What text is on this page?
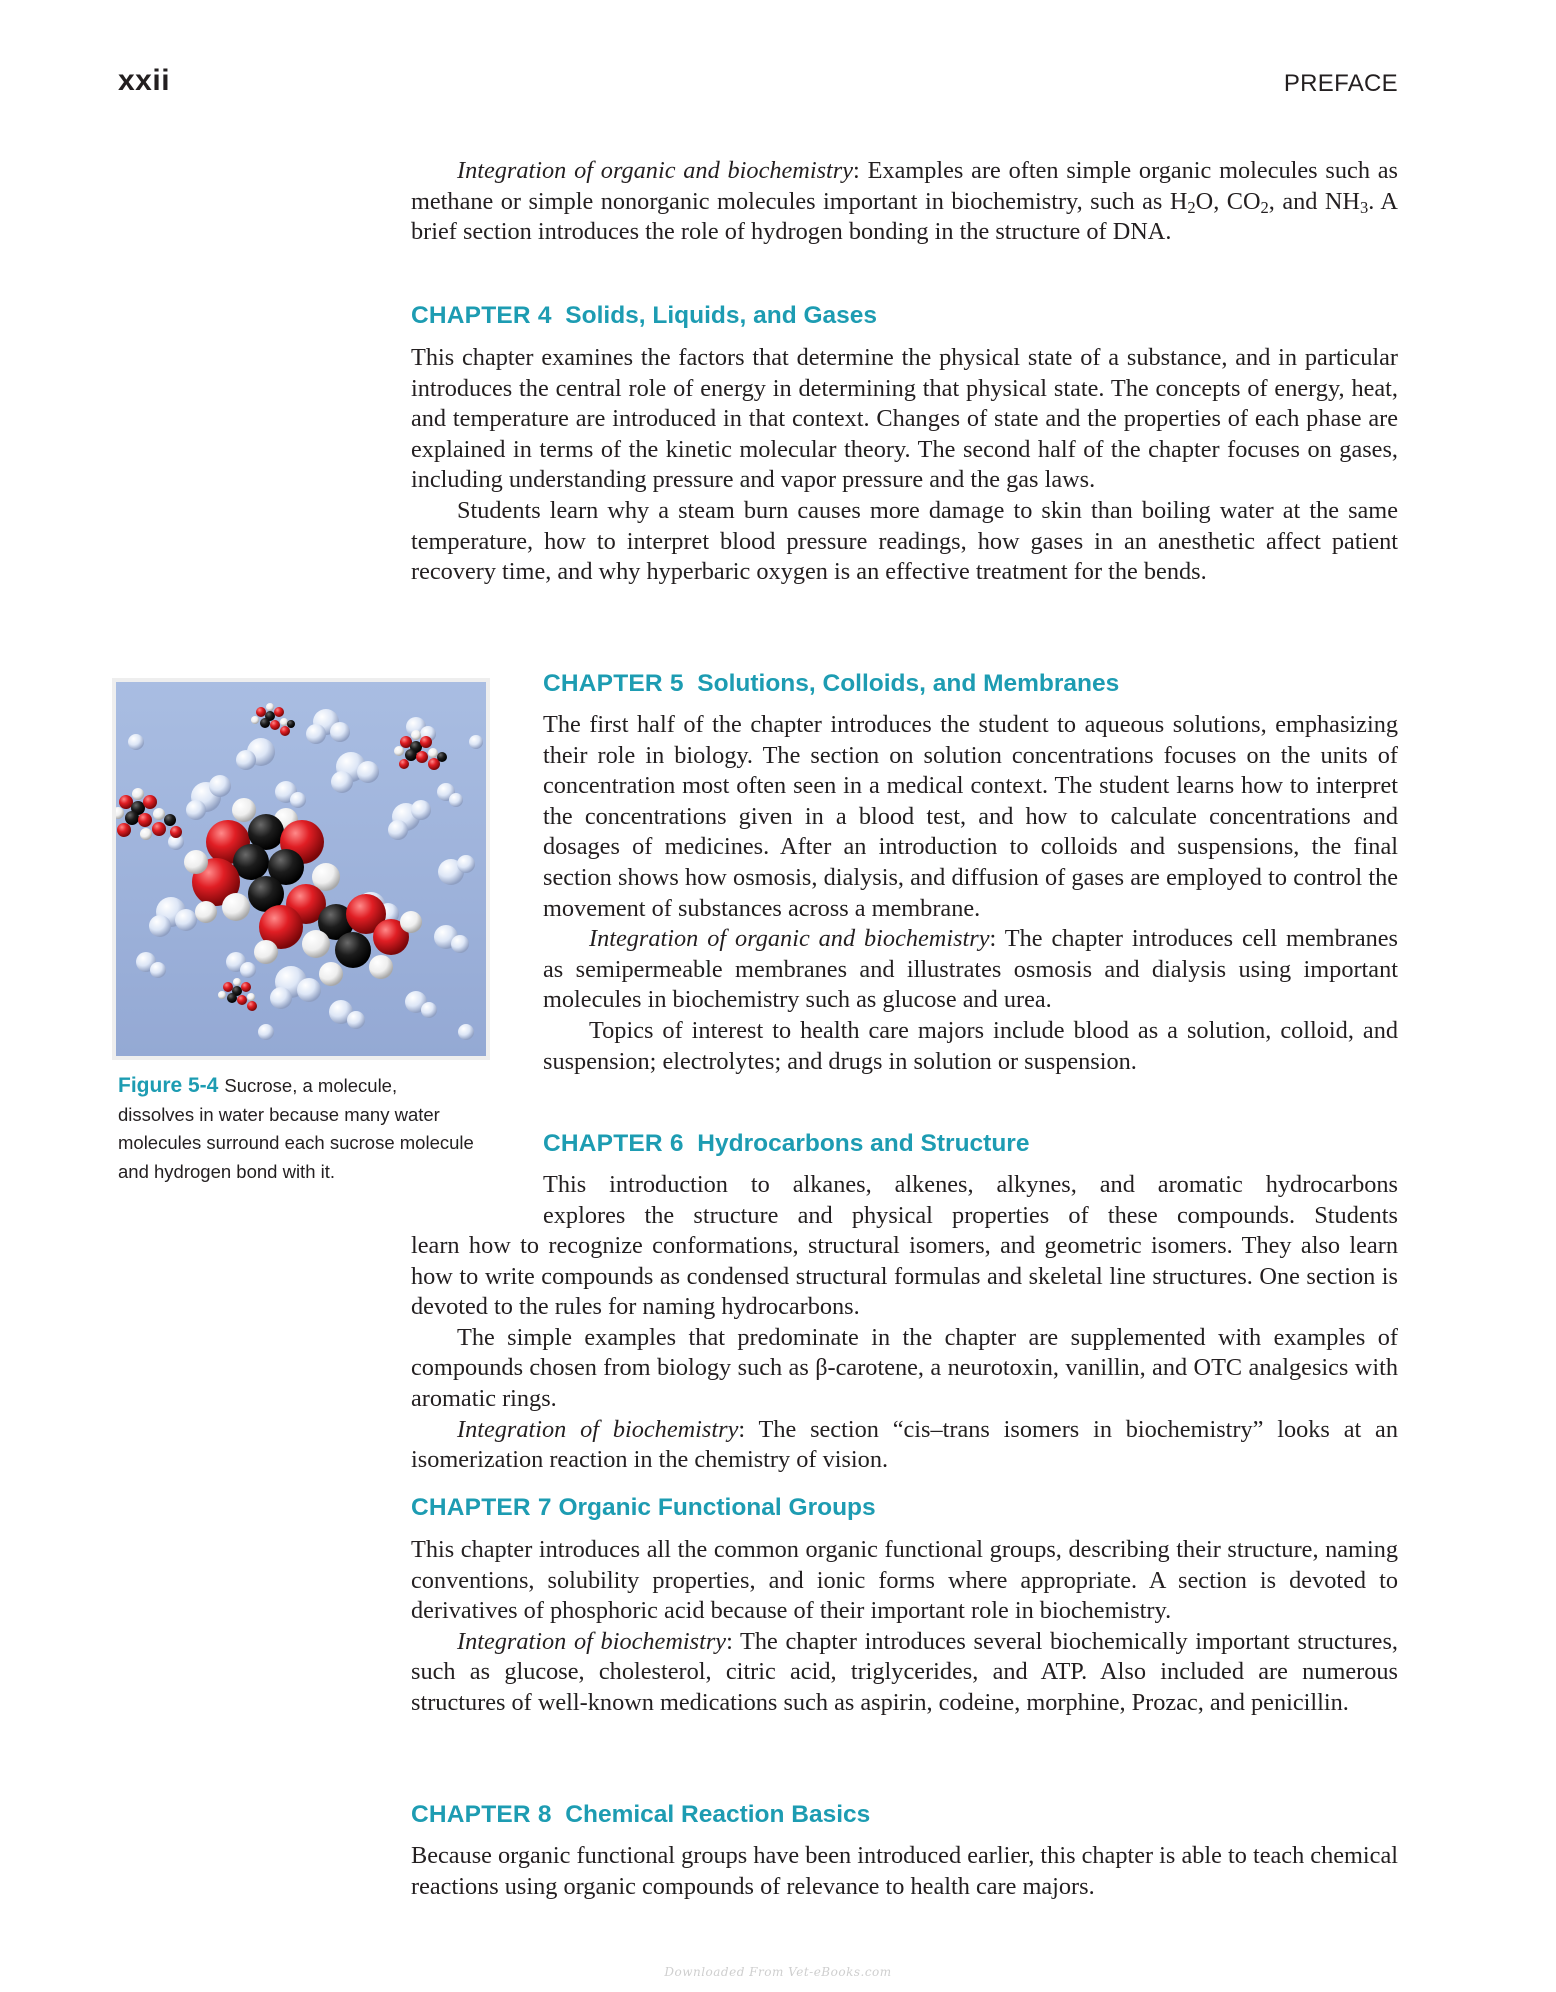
xxii	PREFACE

Integration of organic and biochemistry: Examples are often simple organic molecules such as methane or simple nonorganic molecules important in biochemistry, such as $H_2O$, $CO_2$, and $NH_3$. A brief section introduces the role of hydrogen bonding in the structure of DNA.

CHAPTER 4 Solids, Liquids, and Gases

This chapter examines the factors that determine the physical state of a substance, and in particular introduces the central role of energy in determining that physical state. The concepts of energy, heat, and temperature are introduced in that context. Changes of state and the properties of each phase are explained in terms of the kinetic molecular theory. The second half of the chapter focuses on gases, including understanding pressure and vapor pressure and the gas laws.

Students learn why a steam burn causes more damage to skin than boiling water at the same temperature, how to interpret blood pressure readings, how gases in an anesthetic affect patient recovery time, and why hyperbaric oxygen is an effective treatment for the bends.

Figure 5-4 Sucrose, a molecule, dissolves in water because many water molecules surround each sucrose molecule and hydrogen bond with it.
CHAPTER 5 Solutions, Colloids, and Membranes

The first half of the chapter introduces the student to aqueous solutions, emphasizing their role in biology. The section on solution concentrations focuses on the units of concentration most often seen in a medical context. The student learns how to interpret the concentrations given in a blood test, and how to calculate concentrations and dosages of medicines. After an introduction to colloids and suspensions, the final section shows how osmosis, dialysis, and diffusion of gases are employed to control the movement of substances across a membrane.

Integration of organic and biochemistry: The chapter introduces cell membranes as semipermeable membranes and illustrates osmosis and dialysis using important molecules in biochemistry such as glucose and urea.

Topics of interest to health care majors include blood as a solution, colloid, and suspension; electrolytes; and drugs in solution or suspension.

CHAPTER 6 Hydrocarbons and Structure

This introduction to alkanes, alkenes, alkynes, and aromatic hydrocarbons

explores the structure and physical properties of these compounds. Students

learn how to recognize conformations, structural isomers, and geometric isomers. They also learn how to write compounds as condensed structural formulas and skeletal line structures. One section is devoted to the rules for naming hydrocarbons.

The simple examples that predominate in the chapter are supplemented with examples of compounds chosen from biology such as β-carotene, a neurotoxin, vanillin, and OTC analgesics with aromatic rings.

Integration of biochemistry: The section “cis–trans isomers in biochemistry” looks at an isomerization reaction in the chemistry of vision.

CHAPTER 7 Organic Functional Groups

This chapter introduces all the common organic functional groups, describing their structure, naming conventions, solubility properties, and ionic forms where appropriate. A section is devoted to derivatives of phosphoric acid because of their important role in biochemistry.

Integration of biochemistry: The chapter introduces several biochemically important structures, such as glucose, cholesterol, citric acid, triglycerides, and ATP. Also included are numerous structures of well-known medications such as aspirin, codeine, morphine, Prozac, and penicillin.

CHAPTER 8 Chemical Reaction Basics

Because organic functional groups have been introduced earlier, this chapter is able to teach chemical reactions using organic compounds of relevance to health care majors.

Downloaded From Vet-eBooks.com
